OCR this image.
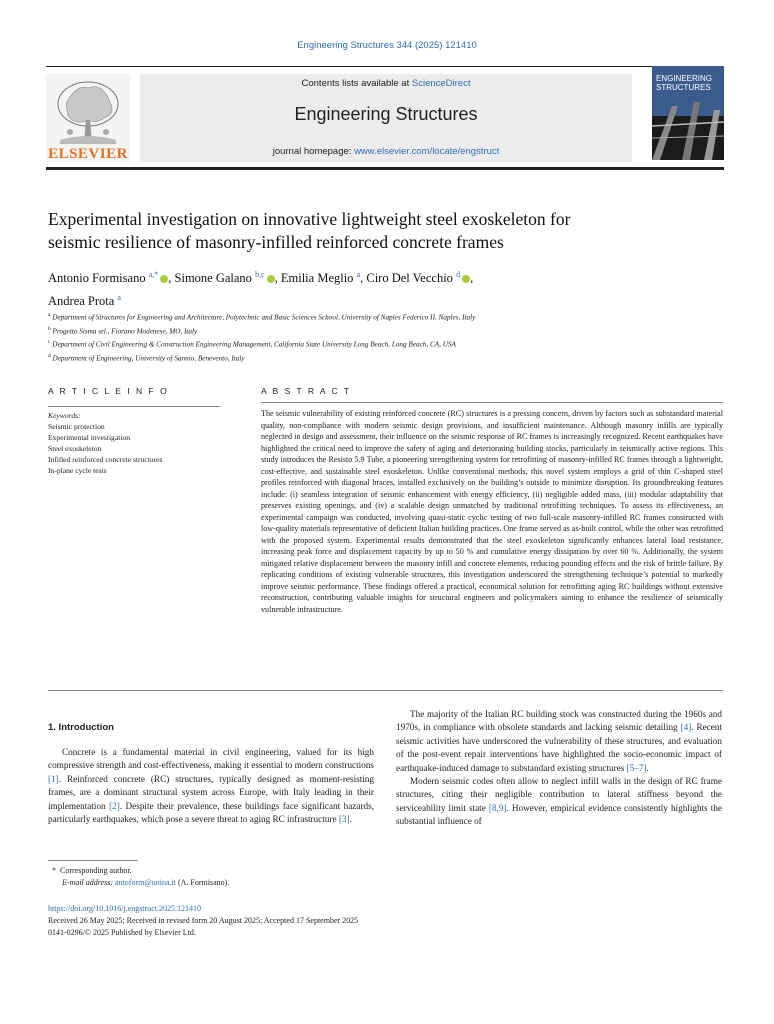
Engineering Structures 344 (2025) 121410
Contents lists available at ScienceDirect
Engineering Structures
journal homepage: www.elsevier.com/locate/engstruct
ELSEVIER
ENGINEERING
STRUCTURES
Experimental investigation on innovative lightweight steel exoskeleton for
seismic resilience of masonry-infilled reinforced concrete frames
Antonio Formisano $^{a,*}$ , Simone Galano $^{b,c}$ , Emilia Meglio $^a$, Ciro Del Vecchio $^d$ ,
Andrea Prota $^a$
$^a$ Department of Structures for Engineering and Architecture, Polytechnic and Basic Sciences School, University of Naples Federico II, Naples, Italy
$^b$ Progetto Sisma srl., Fiorano Modenese, MO, Italy
$^c$ Department of Civil Engineering & Construction Engineering Management, California State University Long Beach, Long Beach, CA, USA
$^d$ Department of Engineering, University of Sannio, Benevento, Italy
A R T I C L E I N F O	A B S T R A C T
Keywords:
Seismic protection
Experimental investigation
Steel exoskeleton
Infilled reinforced concrete structures
In-plane cycle tests
The seismic vulnerability of existing reinforced concrete (RC) structures is a pressing concern, driven by factors such as substandard material quality, non-compliance with modern seismic design provisions, and insufficient maintenance. Although masonry infills are typically neglected in design and assessment, their influence on the seismic response of RC frames is increasingly recognized. Recent earthquakes have highlighted the critical need to improve the safety of aging and deteriorating building stocks, particularly in seismically active regions. This study introduces the Resisto 5.9 Tube, a pioneering strengthening system for retrofitting of masonry-infilled RC frames through a lightweight, cost-effective, and sustainable steel exoskeleton. Unlike conventional methods, this novel system employs a grid of thin C-shaped steel profiles reinforced with diagonal braces, installed exclusively on the building’s outside to minimize disruption. Its groundbreaking features include: (i) seamless integration of seismic enhancement with energy efficiency, (ii) negligible added mass, (iii) modular adaptability that preserves existing openings, and (iv) a scalable design unmatched by traditional retrofitting techniques. To assess its effectiveness, an experimental campaign was conducted, involving quasi-static cyclic testing of two full-scale masonry-infilled RC frames constructed with low-quality materials representative of deficient Italian building practices. One frame served as as-built control, while the other was retrofitted with the proposed system. Experimental results demonstrated that the steel exoskeleton significantly enhances lateral load resistance, increasing peak force and displacement capacity by up to 50 % and cumulative energy dissipation by over 60 %. Additionally, the system mitigated relative displacement between the masonry infill and concrete elements, reducing pounding effects and the risk of brittle failure. By replicating conditions of existing vulnerable structures, this investigation underscored the strengthening technique’s potential to markedly improve seismic performance. These findings offered a practical, economical solution for retrofitting aging RC buildings without extensive reconstruction, contributing valuable insights for structural engineers and policymakers aiming to enhance the resilience of seismically vulnerable infrastructure.
1. Introduction

Concrete is a fundamental material in civil engineering, valued for its high compressive strength and cost-effectiveness, making it essential to modern constructions [1]. Reinforced concrete (RC) structures, typically designed as moment-resisting frames, are a dominant structural system across Europe, with Italy leading in their implementation [2]. Despite their prevalence, these buildings face significant hazards, particularly earthquakes, which pose a severe threat to aging RC infrastructure [3].

The majority of the Italian RC building stock was constructed during the 1960s and 1970s, in compliance with obsolete standards and lacking seismic detailing [4]. Recent seismic activities have underscored the vulnerability of these structures, and evaluation of the post-event repair interventions have highlighted the socio-economic impact of earthquake-induced damage to substandard existing structures [5–7].

Modern seismic codes often allow to neglect infill walls in the design of RC frame structures, citing their negligible contribution to lateral stiffness beyond the serviceability limit state [8,9]. However, empirical evidence consistently highlights the substantial influence of

* Corresponding author.
E-mail address: antoform@unina.it (A. Formisano).
https://doi.org/10.1016/j.engstruct.2025.121410
Received 26 May 2025; Received in revised form 20 August 2025; Accepted 17 September 2025
0141-0296/© 2025 Published by Elsevier Ltd.
